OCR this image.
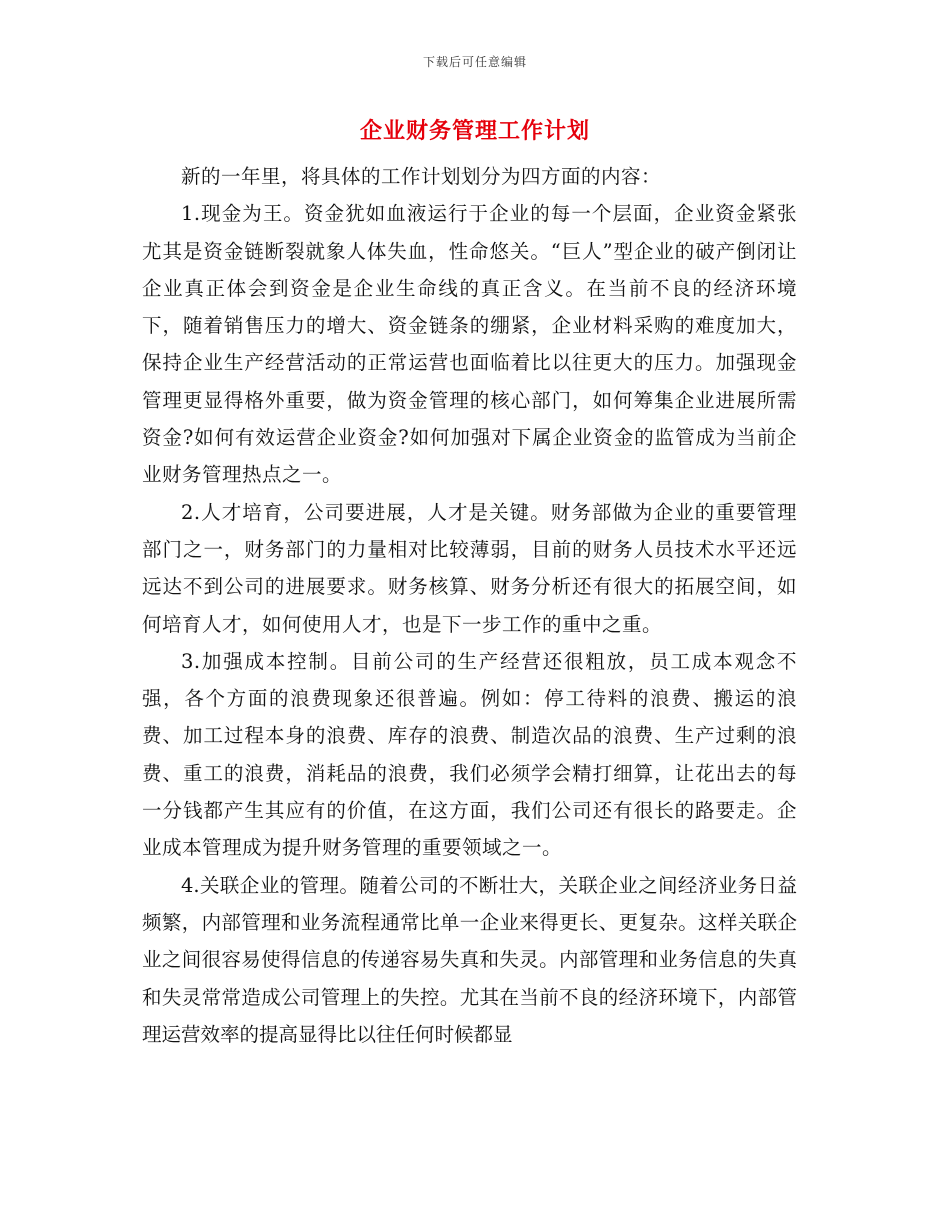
下载后可任意编辑
企业财务管理工作计划

新的一年里，将具体的工作计划划分为四方面的内容：

1.现金为王。资金犹如血液运行于企业的每一个层面，企业资金紧张尤其是资金链断裂就象人体失血，性命悠关。“巨人”型企业的破产倒闭让企业真正体会到资金是企业生命线的真正含义。在当前不良的经济环境下，随着销售压力的增大、资金链条的绷紧，企业材料采购的难度加大，保持企业生产经营活动的正常运营也面临着比以往更大的压力。加强现金管理更显得格外重要，做为资金管理的核心部门，如何筹集企业进展所需资金?如何有效运营企业资金?如何加强对下属企业资金的监管成为当前企业财务管理热点之一。

2.人才培育，公司要进展，人才是关键。财务部做为企业的重要管理部门之一，财务部门的力量相对比较薄弱，目前的财务人员技术水平还远远达不到公司的进展要求。财务核算、财务分析还有很大的拓展空间，如何培育人才，如何使用人才，也是下一步工作的重中之重。

3.加强成本控制。目前公司的生产经营还很粗放，员工成本观念不强，各个方面的浪费现象还很普遍。例如：停工待料的浪费、搬运的浪费、加工过程本身的浪费、库存的浪费、制造次品的浪费、生产过剩的浪费、重工的浪费，消耗品的浪费，我们必须学会精打细算，让花出去的每一分钱都产生其应有的价值，在这方面，我们公司还有很长的路要走。企业成本管理成为提升财务管理的重要领域之一。

4.关联企业的管理。随着公司的不断壮大，关联企业之间经济业务日益频繁，内部管理和业务流程通常比单一企业来得更长、更复杂。这样关联企业之间很容易使得信息的传递容易失真和失灵。内部管理和业务信息的失真和失灵常常造成公司管理上的失控。尤其在当前不良的经济环境下，内部管理运营效率的提高显得比以往任何时候都显
